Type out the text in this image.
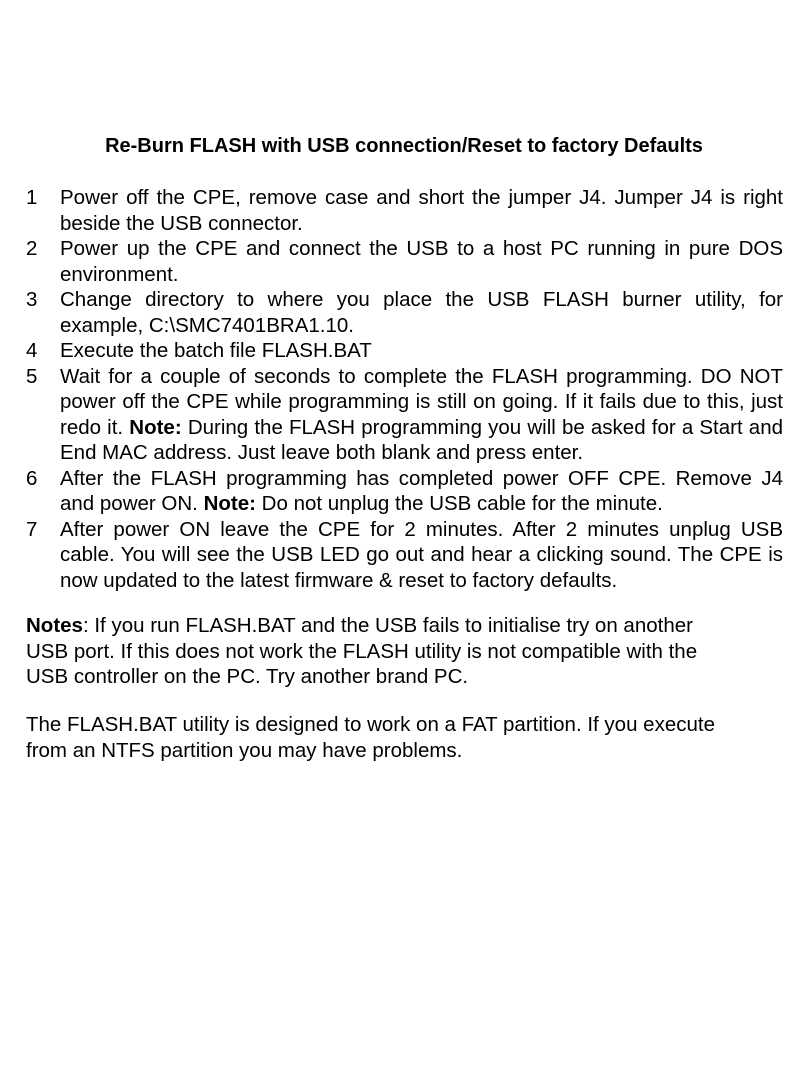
Re-Burn FLASH with USB connection/Reset to factory Defaults
1 Power off the CPE, remove case and short the jumper J4. Jumper J4 is right beside the USB connector.
2 Power up the CPE and connect the USB to a host PC running in pure DOS environment.
3 Change directory to where you place the USB FLASH burner utility, for example, C:\SMC7401BRA1.10.
4 Execute the batch file FLASH.BAT
5 Wait for a couple of seconds to complete the FLASH programming. DO NOT power off the CPE while programming is still on going. If it fails due to this, just redo it. Note: During the FLASH programming you will be asked for a Start and End MAC address. Just leave both blank and press enter.
6 After the FLASH programming has completed power OFF CPE. Remove J4 and power ON. Note: Do not unplug the USB cable for the minute.
7 After power ON leave the CPE for 2 minutes. After 2 minutes unplug USB cable. You will see the USB LED go out and hear a clicking sound. The CPE is now updated to the latest firmware & reset to factory defaults.
Notes: If you run FLASH.BAT and the USB fails to initialise try on another
USB port. If this does not work the FLASH utility is not compatible with the
USB controller on the PC. Try another brand PC.
The FLASH.BAT utility is designed to work on a FAT partition. If you execute
from an NTFS partition you may have problems.
